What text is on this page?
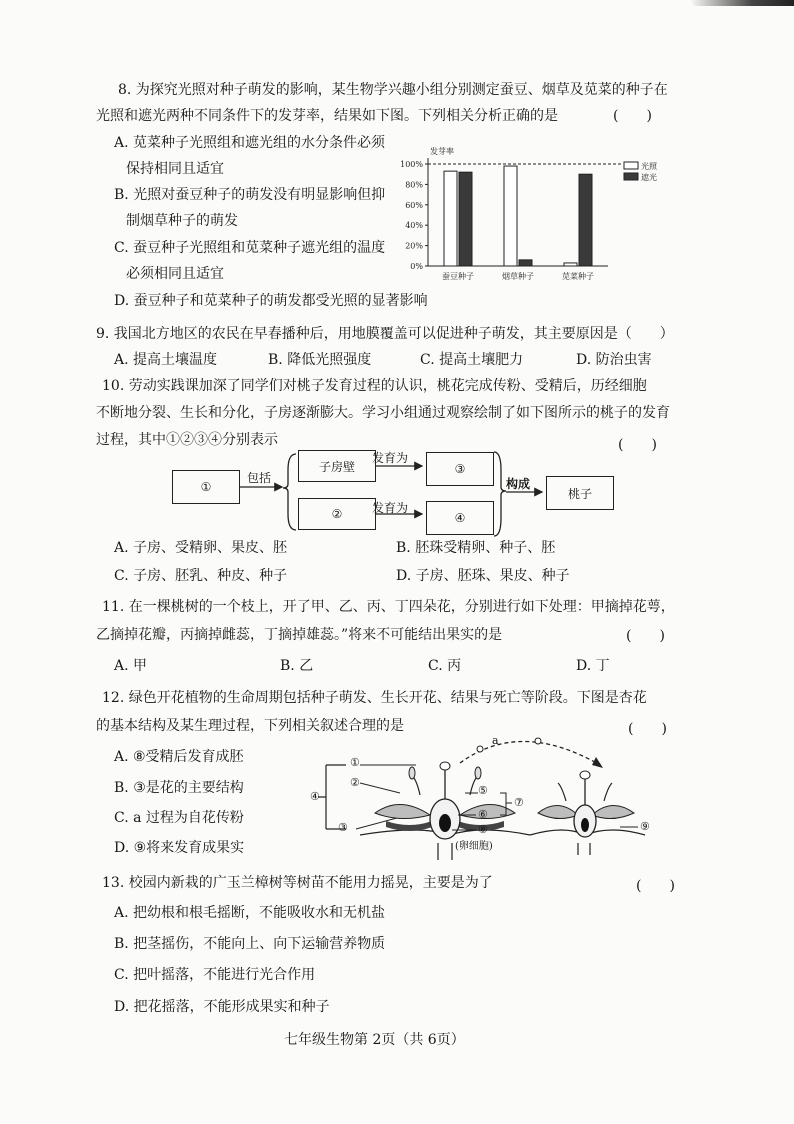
8. 为探究光照对种子萌发的影响，某生物学兴趣小组分别测定蚕豆、烟草及苋菜的种子在
光照和遮光两种不同条件下的发芽率，结果如下图。下列相关分析正确的是	(　　)
A. 苋菜种子光照组和遮光组的水分条件必须
保持相同且适宜
B. 光照对蚕豆种子的萌发没有明显影响但抑
制烟草种子的萌发
C. 蚕豆种子光照组和苋菜种子遮光组的温度
必须相同且适宜
D. 蚕豆种子和苋菜种子的萌发都受光照的显著影响
发芽率
0%
20%
40%
60%
80%
100%
蚕豆种子	烟草种子	苋菜种子
光照
遮光
9. 我国北方地区的农民在早春播种后，用地膜覆盖可以促进种子萌发，其主要原因是（　　）
A. 提高土壤温度	B. 降低光照强度	C. 提高土壤肥力	D. 防治虫害
10. 劳动实践课加深了同学们对桃子发育过程的认识，桃花完成传粉、受精后，历经细胞
不断地分裂、生长和分化，子房逐渐膨大。学习小组通过观察绘制了如下图所示的桃子的发育
过程，其中①②③④分别表示	(　　)
①
包括
子房壁
发育为
③
②	发育为
④
构成
桃子
A. 子房、受精卵、果皮、胚	B. 胚珠受精卵、种子、胚
C. 子房、胚乳、种皮、种子	D. 子房、胚珠、果皮、种子
11. 在一棵桃树的一个枝上，开了甲、乙、丙、丁四朵花，分别进行如下处理：甲摘掉花萼，
乙摘掉花瓣，丙摘掉雌蕊，丁摘掉雄蕊。”将来不可能结出果实的是	(　　)
A. 甲	B. 乙	C. 丙	D. 丁
12. 绿色开花植物的生命周期包括种子萌发、生长开花、结果与死亡等阶段。下图是杏花
的基本结构及某生理过程，下列相关叙述合理的是	(　　)
A. ⑧受精后发育成胚
B. ③是花的主要结构
C. a 过程为自花传粉
D. ⑨将来发育成果实
①
②
④
③
⑤
⑥
⑦
⑧	⑨
a
(卵细胞)
13. 校园内新栽的广玉兰樟树等树苗不能用力摇晃，主要是为了	(　　)
A. 把幼根和根毛摇断，不能吸收水和无机盐
B. 把茎摇伤，不能向上、向下运输营养物质
C. 把叶摇落，不能进行光合作用
D. 把花摇落，不能形成果实和种子
七年级生物第 2页（共 6页）
